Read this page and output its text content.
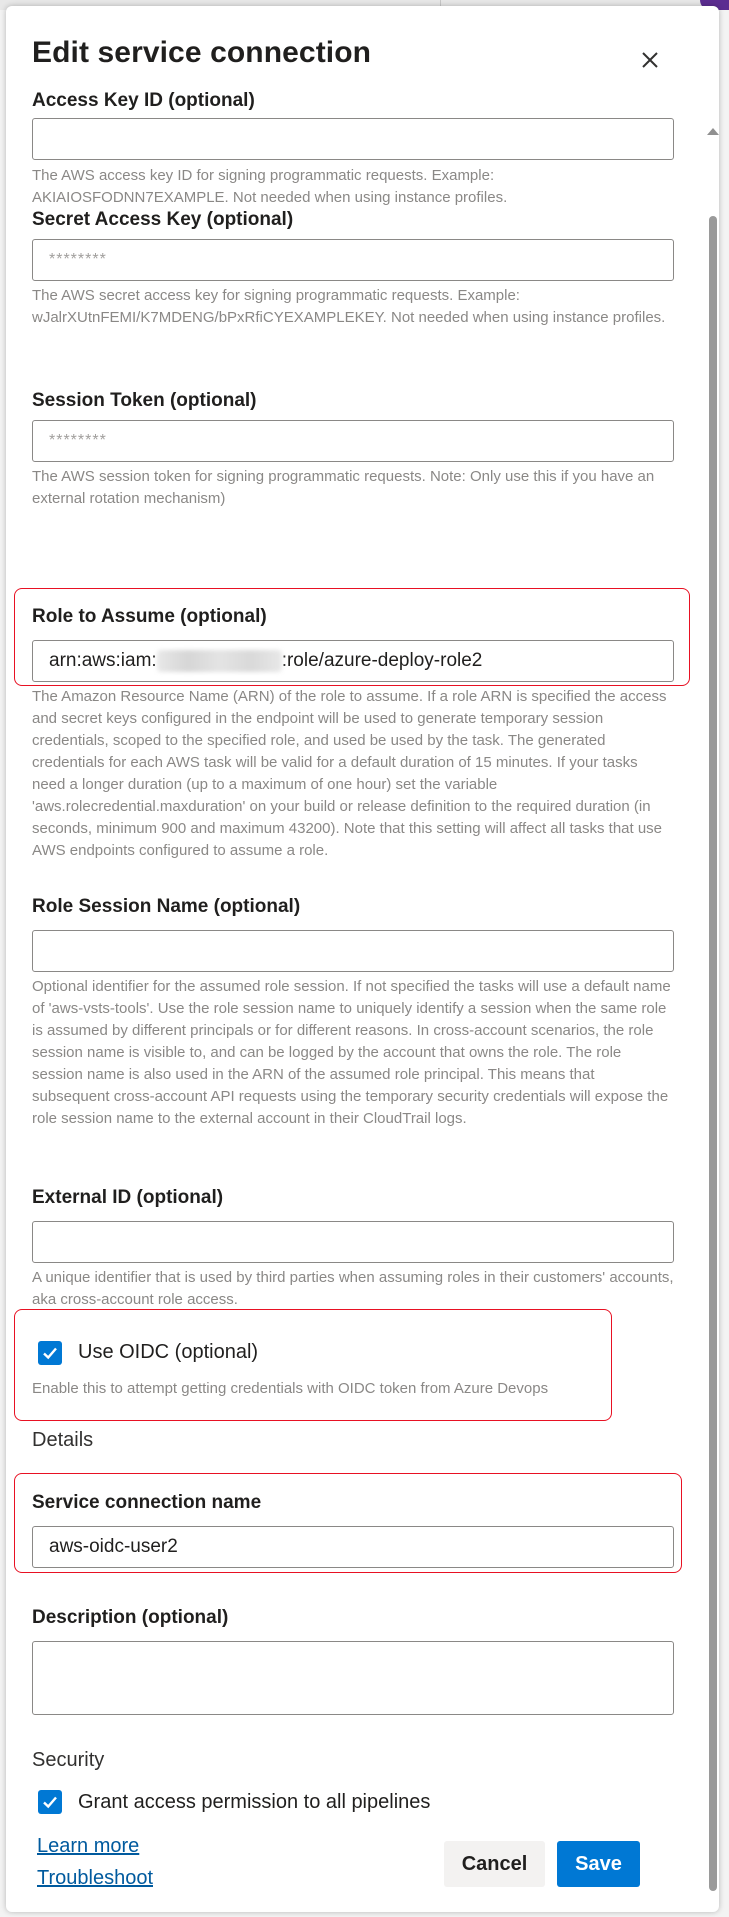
Edit service connection
Access Key ID (optional)
The AWS access key ID for signing programmatic requests. Example: AKIAIOSFODNN7EXAMPLE. Not needed when using instance profiles.
Secret Access Key (optional)
********
The AWS secret access key for signing programmatic requests. Example: wJalrXUtnFEMI/K7MDENG/bPxRfiCYEXAMPLEKEY. Not needed when using instance profiles.
Session Token (optional)
********
The AWS session token for signing programmatic requests. Note: Only use this if you have an external rotation mechanism)
Role to Assume (optional)
arn:aws:iam:	:role/azure-deploy-role2
The Amazon Resource Name (ARN) of the role to assume. If a role ARN is specified the access and secret keys configured in the endpoint will be used to generate temporary session credentials, scoped to the specified role, and used be used by the task. The generated credentials for each AWS task will be valid for a default duration of 15 minutes. If your tasks need a longer duration (up to a maximum of one hour) set the variable 'aws.rolecredential.maxduration' on your build or release definition to the required duration (in seconds, minimum 900 and maximum 43200). Note that this setting will affect all tasks that use AWS endpoints configured to assume a role.
Role Session Name (optional)
Optional identifier for the assumed role session. If not specified the tasks will use a default name of 'aws-vsts-tools'. Use the role session name to uniquely identify a session when the same role is assumed by different principals or for different reasons. In cross-account scenarios, the role session name is visible to, and can be logged by the account that owns the role. The role session name is also used in the ARN of the assumed role principal. This means that subsequent cross-account API requests using the temporary security credentials will expose the role session name to the external account in their CloudTrail logs.
External ID (optional)
A unique identifier that is used by third parties when assuming roles in their customers' accounts, aka cross-account role access.
Use OIDC (optional)
Enable this to attempt getting credentials with OIDC token from Azure Devops
Details
Service connection name
aws-oidc-user2
Description (optional)
Security
Grant access permission to all pipelines
Learn more
Troubleshoot
Cancel	Save
